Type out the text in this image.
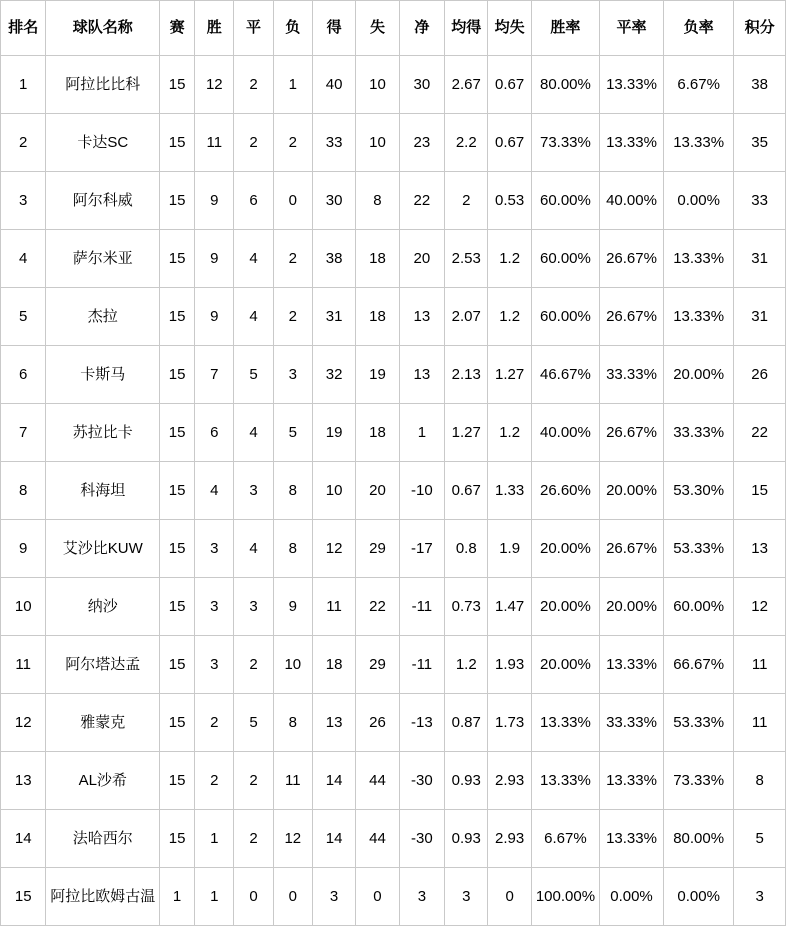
排名	球队名称	赛	胜	平	负	得	失	净	均得	均失	胜率	平率	负率	积分
1	阿拉比比科	15	12	2	1	40	10	30	2.67	0.67	80.00%	13.33%	6.67%	38
2	卡达SC	15	11	2	2	33	10	23	2.2	0.67	73.33%	13.33%	13.33%	35
3	阿尔科威	15	9	6	0	30	8	22	2	0.53	60.00%	40.00%	0.00%	33
4	萨尔米亚	15	9	4	2	38	18	20	2.53	1.2	60.00%	26.67%	13.33%	31
5	杰拉	15	9	4	2	31	18	13	2.07	1.2	60.00%	26.67%	13.33%	31
6	卡斯马	15	7	5	3	32	19	13	2.13	1.27	46.67%	33.33%	20.00%	26
7	苏拉比卡	15	6	4	5	19	18	1	1.27	1.2	40.00%	26.67%	33.33%	22
8	科海坦	15	4	3	8	10	20	-10	0.67	1.33	26.60%	20.00%	53.30%	15
9	艾沙比KUW	15	3	4	8	12	29	-17	0.8	1.9	20.00%	26.67%	53.33%	13
10	纳沙	15	3	3	9	11	22	-11	0.73	1.47	20.00%	20.00%	60.00%	12
11	阿尔塔达孟	15	3	2	10	18	29	-11	1.2	1.93	20.00%	13.33%	66.67%	11
12	雅蒙克	15	2	5	8	13	26	-13	0.87	1.73	13.33%	33.33%	53.33%	11
13	AL沙希	15	2	2	11	14	44	-30	0.93	2.93	13.33%	13.33%	73.33%	8
14	法哈西尔	15	1	2	12	14	44	-30	0.93	2.93	6.67%	13.33%	80.00%	5
15	阿拉比欧姆古温	1	1	0	0	3	0	3	3	0	100.00%	0.00%	0.00%	3
